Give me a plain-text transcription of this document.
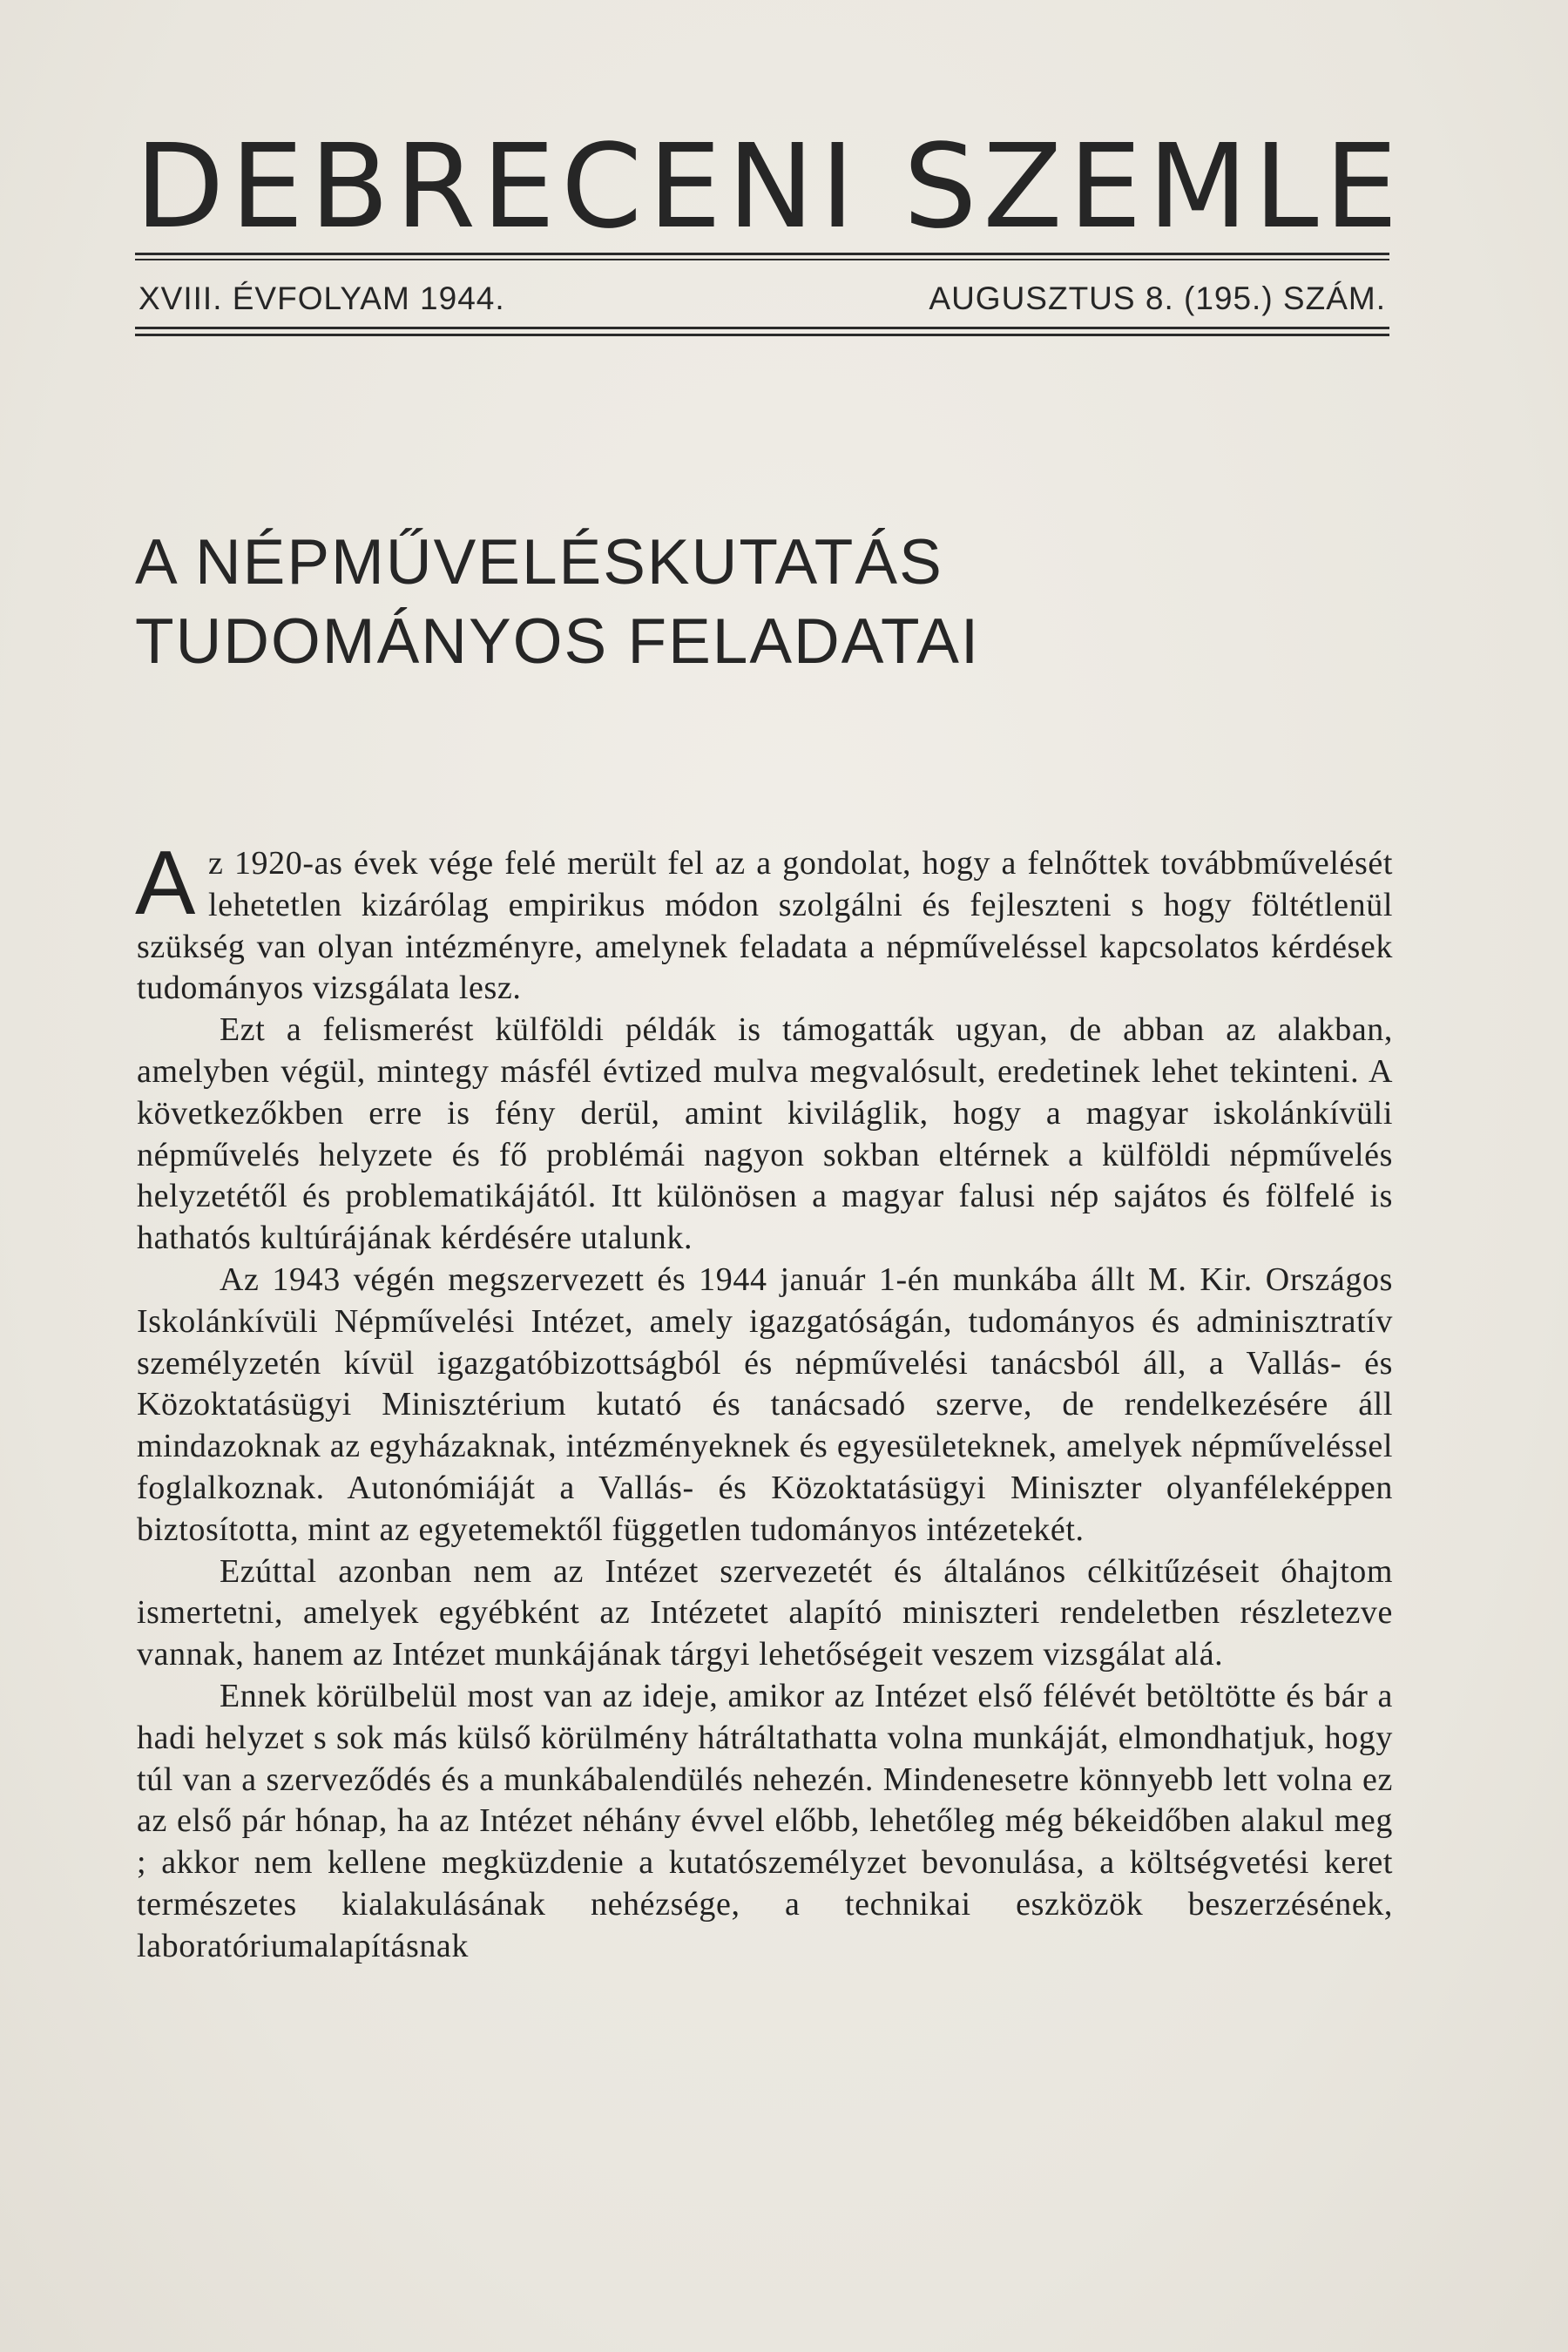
DEBRECENI SZEMLE
XVIII. ÉVFOLYAM 1944.	AUGUSZTUS 8. (195.) SZÁM.
A NÉPMŰVELÉSKUTATÁS
TUDOMÁNYOS FELADATAI

Az 1920-as évek vége felé merült fel az a gondolat, hogy a felnőttek továbbművelését lehetetlen kizárólag empirikus módon szolgálni és fejleszteni s hogy föltétlenül szükség van olyan intézményre, amelynek feladata a népműveléssel kapcsolatos kérdések tudományos vizsgálata lesz.

Ezt a felismerést külföldi példák is támogatták ugyan, de abban az alakban, amelyben végül, mintegy másfél évtized mulva megvalósult, eredetinek lehet tekinteni. A következőkben erre is fény derül, amint kiviláglik, hogy a magyar iskolánkívüli népművelés helyzete és fő problémái nagyon sokban eltérnek a külföldi népművelés helyzetétől és problematikájától. Itt különösen a magyar falusi nép sajátos és fölfelé is hathatós kultúrájának kérdésére utalunk.

Az 1943 végén megszervezett és 1944 január 1-én munkába állt M. Kir. Országos Iskolánkívüli Népművelési Intézet, amely igazgatóságán, tudományos és adminisztratív személyzetén kívül igazgatóbizottságból és népművelési tanácsból áll, a Vallás- és Közoktatásügyi Minisztérium kutató és tanácsadó szerve, de rendelkezésére áll mindazoknak az egyházaknak, intézményeknek és egyesületeknek, amelyek népműveléssel foglalkoznak. Autonómiáját a Vallás- és Közoktatásügyi Miniszter olyanféleképpen biztosította, mint az egyetemektől független tudományos intézetekét.

Ezúttal azonban nem az Intézet szervezetét és általános célkitűzéseit óhajtom ismertetni, amelyek egyébként az Intézetet alapító miniszteri rendeletben részletezve vannak, hanem az Intézet munkájának tárgyi lehetőségeit veszem vizsgálat alá.

Ennek körülbelül most van az ideje, amikor az Intézet első félévét betöltötte és bár a hadi helyzet s sok más külső körülmény hátráltathatta volna munkáját, elmondhatjuk, hogy túl van a szerveződés és a munkábalendülés nehezén. Mindenesetre könnyebb lett volna ez az első pár hónap, ha az Intézet néhány évvel előbb, lehetőleg még békeidőben alakul meg ; akkor nem kellene megküzdenie a kutatószemélyzet bevonulása, a költségvetési keret természetes kialakulásának nehézsége, a technikai eszközök beszerzésének, laboratóriumalapításnak
